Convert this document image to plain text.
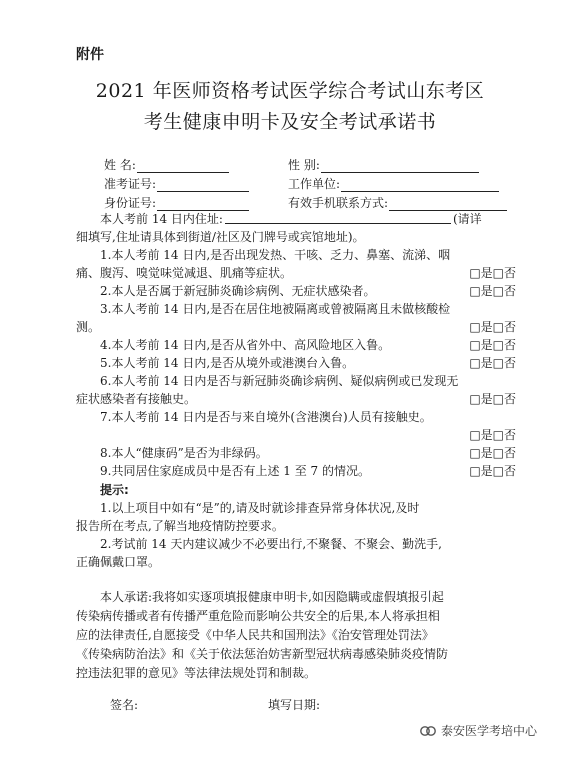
附件
2021 年医师资格考试医学综合考试山东考区
考生健康申明卡及安全考试承诺书
姓 名:	性 别:
准考证号:	工作单位:
身份证号:	有效手机联系方式:
本人考前 14 日内住址:	(请详
细填写,住址请具体到街道/社区及门牌号或宾馆地址)。
1.本人考前 14 日内,是否出现发热、干咳、乏力、鼻塞、流涕、咽
痛、腹泻、嗅觉味觉减退、肌痛等症状。	□是□否
2.本人是否属于新冠肺炎确诊病例、无症状感染者。	□是□否
3.本人考前 14 日内,是否在居住地被隔离或曾被隔离且未做核酸检
测。	□是□否
4.本人考前 14 日内,是否从省外中、高风险地区入鲁。	□是□否
5.本人考前 14 日内,是否从境外或港澳台入鲁。	□是□否
6.本人考前 14 日内是否与新冠肺炎确诊病例、疑似病例或已发现无
症状感染者有接触史。	□是□否
7.本人考前 14 日内是否与来自境外(含港澳台)人员有接触史。
□是□否
8.本人“健康码”是否为非绿码。	□是□否
9.共同居住家庭成员中是否有上述 1 至 7 的情况。	□是□否
提示:
1.以上项目中如有“是”的,请及时就诊排查异常身体状况,及时
报告所在考点,了解当地疫情防控要求。
2.考试前 14 天内建议减少不必要出行,不聚餐、不聚会、勤洗手,
正确佩戴口罩。
本人承诺:我将如实逐项填报健康申明卡,如因隐瞒或虚假填报引起
传染病传播或者有传播严重危险而影响公共安全的后果,本人将承担相
应的法律责任,自愿接受《中华人民共和国刑法》《治安管理处罚法》
《传染病防治法》和《关于依法惩治妨害新型冠状病毒感染肺炎疫情防
控违法犯罪的意见》等法律法规处罚和制裁。
签名:	填写日期:
泰安医学考培中心
